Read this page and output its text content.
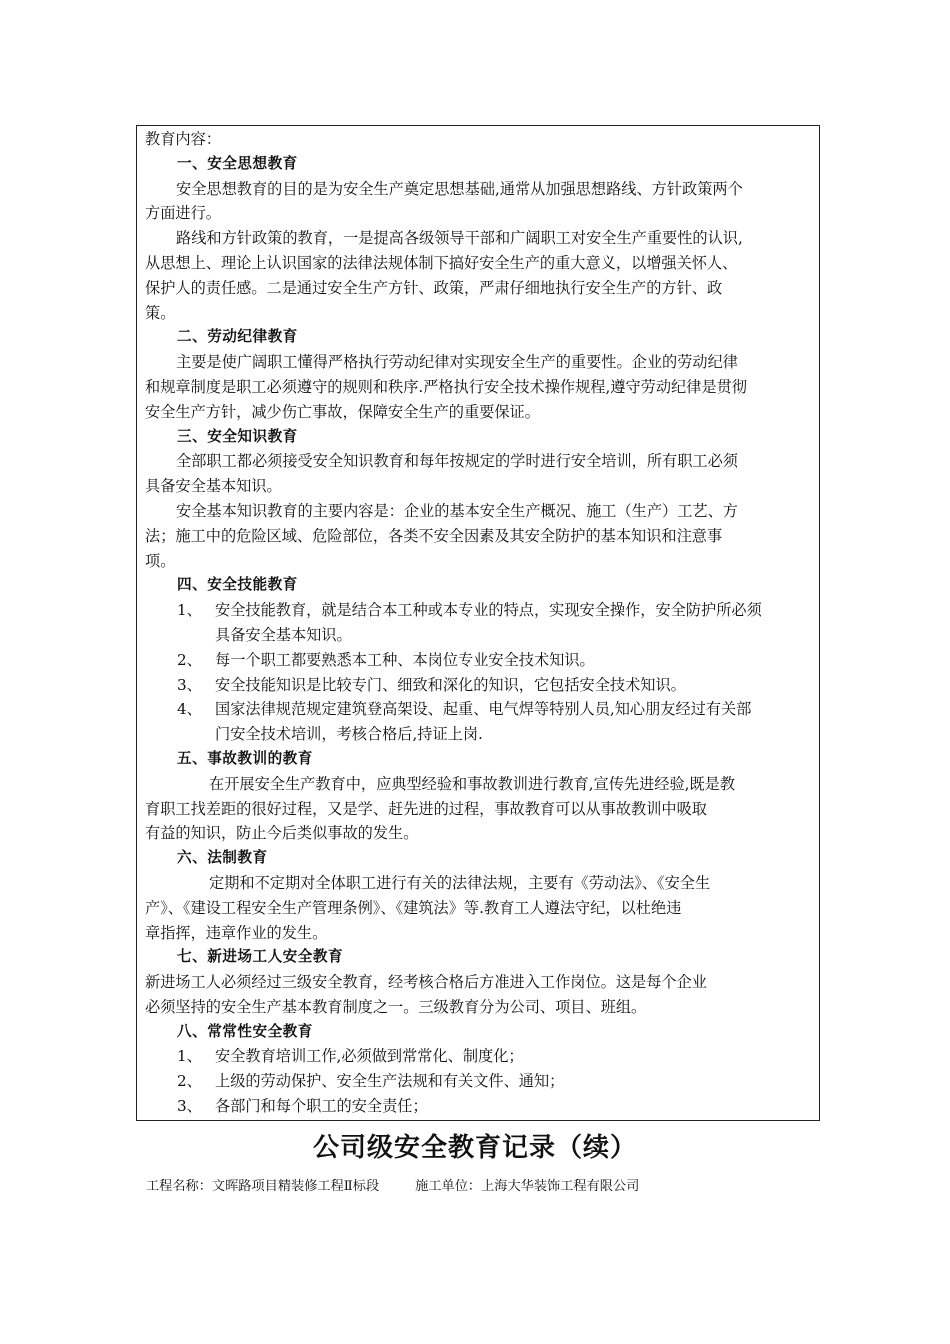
教育内容：
一、安全思想教育
安全思想教育的目的是为安全生产奠定思想基础,通常从加强思想路线、方针政策两个
方面进行。
路线和方针政策的教育，一是提高各级领导干部和广阔职工对安全生产重要性的认识,
从思想上、理论上认识国家的法律法规体制下搞好安全生产的重大意义，以增强关怀人、
保护人的责任感。二是通过安全生产方针、政策，严肃仔细地执行安全生产的方针、政
策。
二、劳动纪律教育
主要是使广阔职工懂得严格执行劳动纪律对实现安全生产的重要性。企业的劳动纪律
和规章制度是职工必须遵守的规则和秩序.严格执行安全技术操作规程,遵守劳动纪律是贯彻
安全生产方针，减少伤亡事故，保障安全生产的重要保证。
三、安全知识教育
全部职工都必须接受安全知识教育和每年按规定的学时进行安全培训，所有职工必须
具备安全基本知识。
安全基本知识教育的主要内容是：企业的基本安全生产概况、施工（生产）工艺、方
法；施工中的危险区域、危险部位，各类不安全因素及其安全防护的基本知识和注意事
项。
四、安全技能教育
1、 安全技能教育，就是结合本工种或本专业的特点，实现安全操作，安全防护所必须
具备安全基本知识。
2、 每一个职工都要熟悉本工种、本岗位专业安全技术知识。
3、 安全技能知识是比较专门、细致和深化的知识，它包括安全技术知识。
4、 国家法律规范规定建筑登高架设、起重、电气焊等特别人员,知心朋友经过有关部
门安全技术培训，考核合格后,持证上岗.
五、事故教训的教育
在开展安全生产教育中，应典型经验和事故教训进行教育,宣传先进经验,既是教
育职工找差距的很好过程，又是学、赶先进的过程，事故教育可以从事故教训中吸取
有益的知识，防止今后类似事故的发生。
六、法制教育
定期和不定期对全体职工进行有关的法律法规，主要有《劳动法》、《安全生
产》、《建设工程安全生产管理条例》、《建筑法》等.教育工人遵法守纪，以杜绝违
章指挥，违章作业的发生。
七、新进场工人安全教育
新进场工人必须经过三级安全教育，经考核合格后方准进入工作岗位。这是每个企业
必须坚持的安全生产基本教育制度之一。三级教育分为公司、项目、班组。
八、常常性安全教育
1、 安全教育培训工作,必须做到常常化、制度化；
2、 上级的劳动保护、安全生产法规和有关文件、通知；
3、 各部门和每个职工的安全责任；
公司级安全教育记录（续）
工程名称：文晖路项目精装修工程Ⅱ标段	施工单位：上海大华装饰工程有限公司
